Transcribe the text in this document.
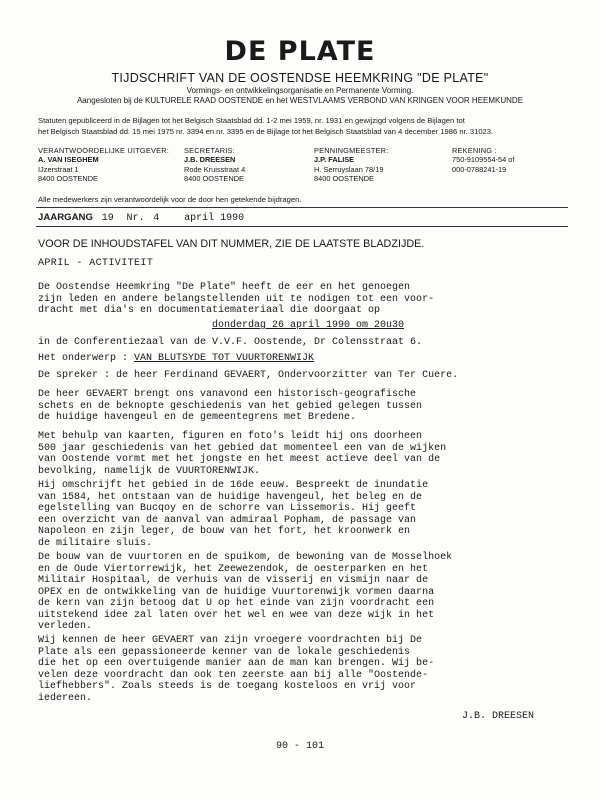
DE PLATE
TIJDSCHRIFT VAN DE OOSTENDSE HEEMKRING "DE PLATE"
Vormings- en ontwikkelingsorganisatie en Permanente Vorming.
Aangesloten bij de KULTURELE RAAD OOSTENDE en het WESTVLAAMS VERBOND VAN KRINGEN VOOR HEEMKUNDE
Statuten gepubliceerd in de Bijlagen tot het Belgisch Staatsblad dd. 1-2 mei 1959, nr. 1931 en gewijzigd volgens de Bijlagen tot
het Belgisch Staatsblad dd. 15 mei 1975 nr. 3394 en nr. 3395 en de Bijlage tot het Belgisch Staatsblad van 4 december 1986 nr. 31023.
VERANTWOORDELIJKE UITGEVER:
A. VAN ISEGHEM
IJzerstraat 1
8400 OOSTENDE
SECRETARIS:
J.B. DREESEN
Rode Kruisstraat 4
8400 OOSTENDE
PENNINGMEESTER:
J.P. FALISE
H. Serruyslaan 78/19
8400 OOSTENDE
REKENING :
750-9109554-54 of
000-0788241-19
Alle medewerkers zijn verantwoordelijk voor de door hen getekende bijdragen.
JAARGANG 19 Nr. 4 april 1990
VOOR DE INHOUDSTAFEL VAN DIT NUMMER, ZIE DE LAATSTE BLADZIJDE.
APRIL - ACTIVITEIT

De Oostendse Heemkring "De Plate" heeft de eer en het genoegen

zijn leden en andere belangstellenden uit te nodigen tot een voor-

dracht met dia's en documentatiemateriaal die doorgaat op

donderdag 26 april 1990 om 20u30
in de Conferentiezaal van de V.V.F. Oostende, Dr Colensstraat 6.
Het onderwerp : VAN BLUTSYDE TOT VUURTORENWIJK
De spreker : de heer Ferdinand GEVAERT, Ondervoorzitter van Ter Cuere.

De heer GEVAERT brengt ons vanavond een historisch-geografische

schets en de beknopte geschiedenis van het gebied gelegen tussen

de huidige havengeul en de gemeentegrens met Bredene.

Met behulp van kaarten, figuren en foto's leidt hij ons doorheen

500 jaar geschiedenis van het gebied dat momenteel een van de wijken

van Oostende vormt met het jongste en het meest actieve deel van de

bevolking, namelijk de VUURTORENWIJK.

Hij omschrijft het gebied in de 16de eeuw. Bespreekt de inundatie

van 1584, het ontstaan van de huidige havengeul, het beleg en de

egelstelling van Bucqoy en de schorre van Lissemoris. Hij geeft

een overzicht van de aanval van admiraal Popham, de passage van

Napoleon en zijn leger, de bouw van het fort, het kroonwerk en

de militaire sluis.

De bouw van de vuurtoren en de spuikom, de bewoning van de Mosselhoek

en de Oude Viertorrewijk, het Zeewezendok, de oesterparken en het

Militair Hospitaal, de verhuis van de visserij en vismijn naar de

OPEX en de ontwikkeling van de huidige Vuurtorenwijk vormen daarna

de kern van zijn betoog dat U op het einde van zijn voordracht een

uitstekend idee zal laten over het wel en wee van deze wijk in het

verleden.

Wij kennen de heer GEVAERT van zijn vroegere voordrachten bij De

Plate als een gepassioneerde kenner van de lokale geschiedenis

die het op een overtuigende manier aan de man kan brengen. Wij be-

velen deze voordracht dan ook ten zeerste aan bij alle "Oostende-

liefhebbers". Zoals steeds is de toegang kosteloos en vrij voor

iedereen.

J.B. DREESEN
90 - 101
